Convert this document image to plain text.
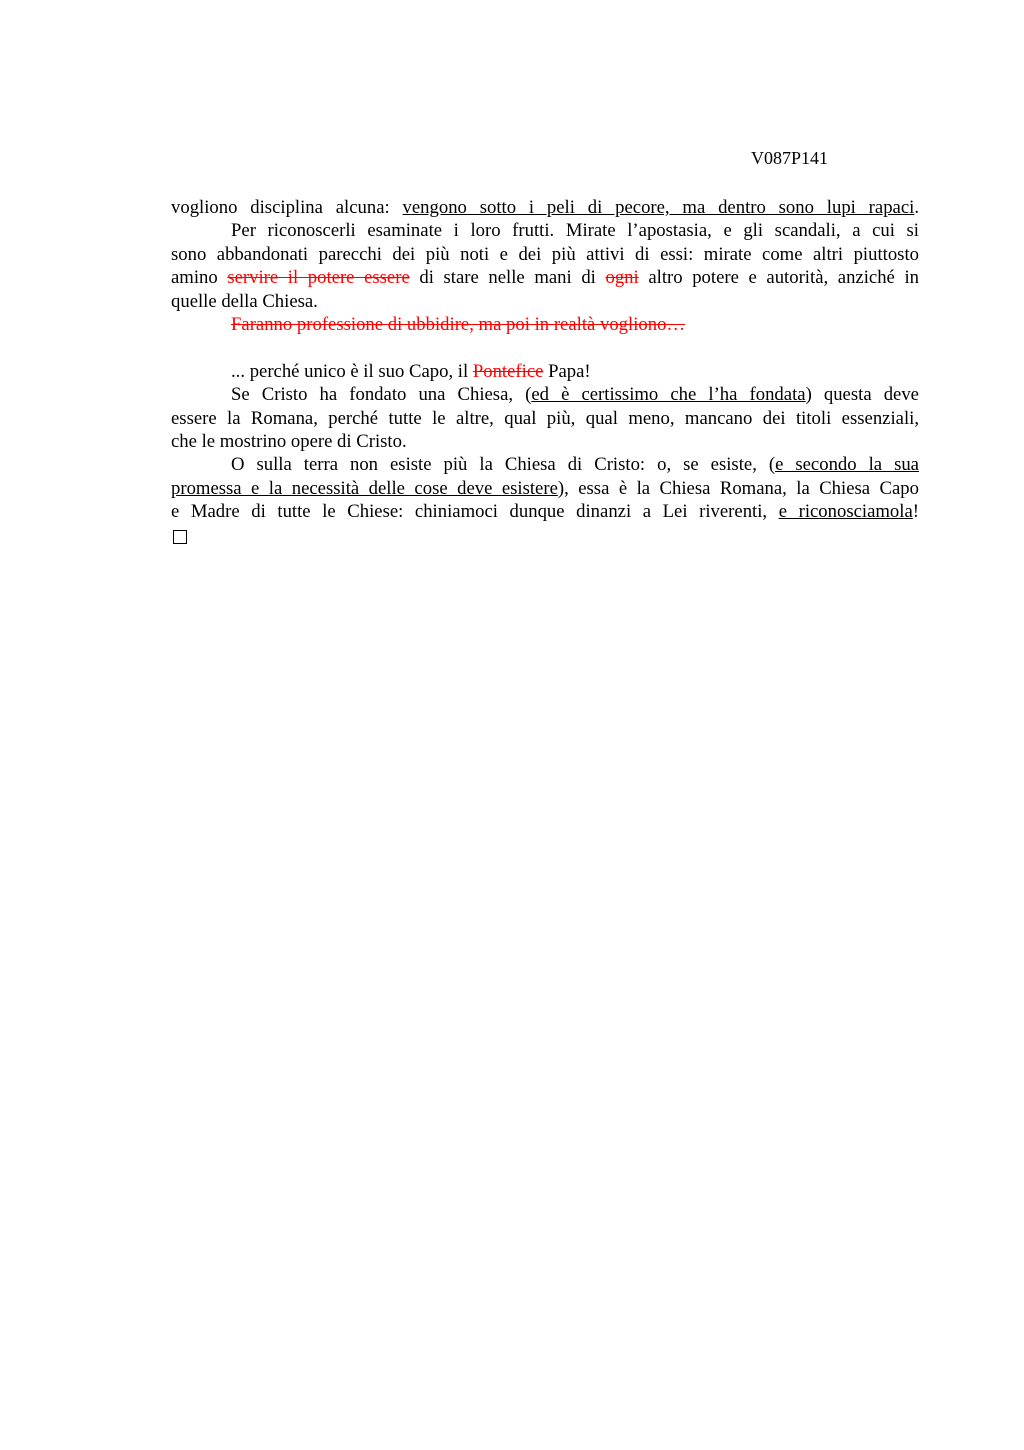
V087P141
vogliono disciplina alcuna: vengono sotto i peli di pecore, ma dentro sono lupi rapaci.
Per riconoscerli esaminate i loro frutti. Mirate l’apostasia, e gli scandali, a cui si
sono abbandonati parecchi dei più noti e dei più attivi di essi: mirate come altri piuttosto
amino servire il potere essere di stare nelle mani di ogni altro potere e autorità, anziché in
quelle della Chiesa.
Faranno professione di ubbidire, ma poi in realtà vogliono…
... perché unico è il suo Capo, il Pontefice Papa!
Se Cristo ha fondato una Chiesa, (ed è certissimo che l’ha fondata) questa deve
essere la Romana, perché tutte le altre, qual più, qual meno, mancano dei titoli essenziali,
che le mostrino opere di Cristo.
O sulla terra non esiste più la Chiesa di Cristo: o, se esiste, (e secondo la sua
promessa e la necessità delle cose deve esistere), essa è la Chiesa Romana, la Chiesa Capo
e Madre di tutte le Chiese: chiniamoci dunque dinanzi a Lei riverenti, e riconosciamola!
